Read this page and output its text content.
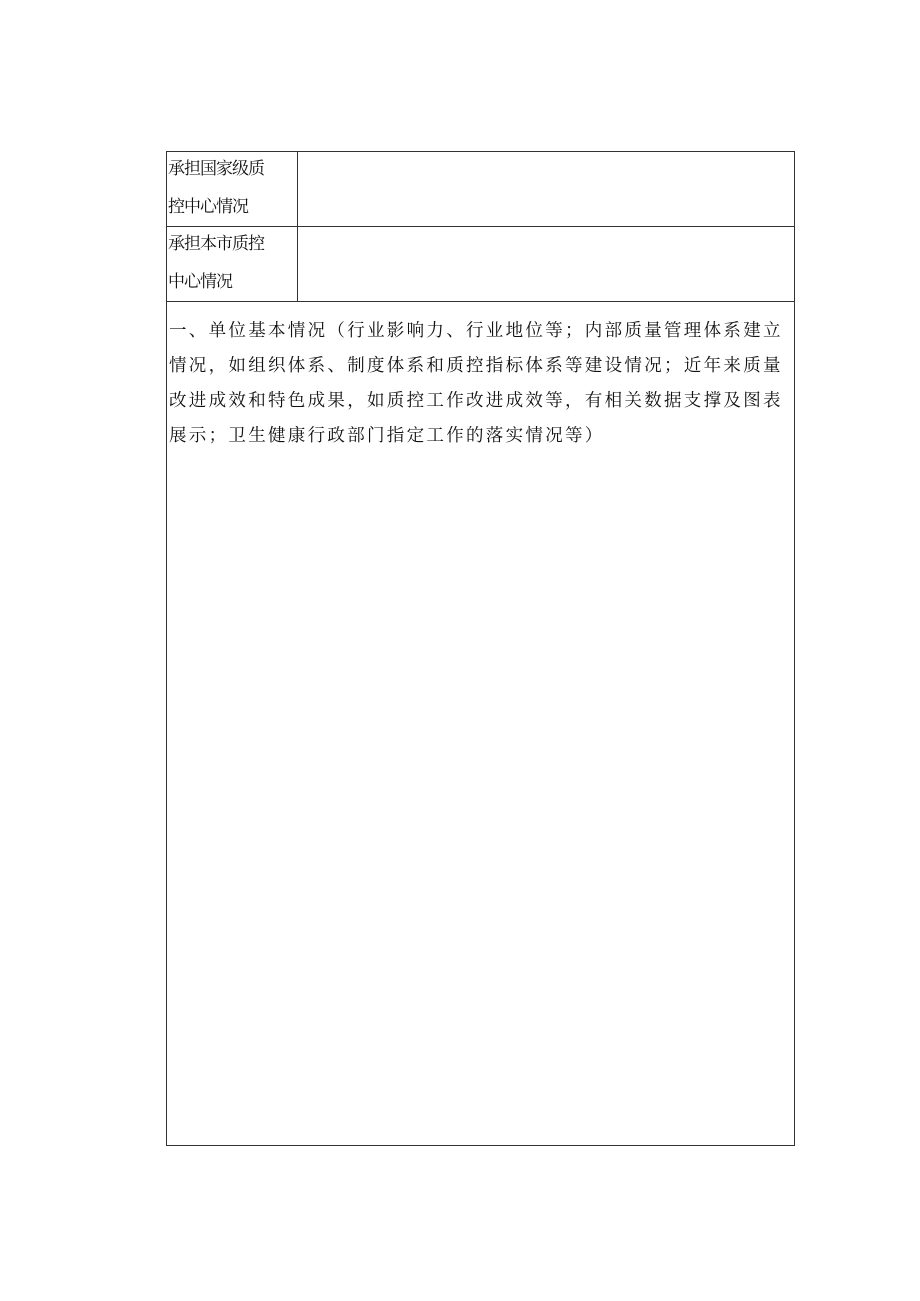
承担国家级质
控中心情况	

承担本市质控
中心情况	

一、单位基本情况（行业影响力、行业地位等；内部质量管理体系建立情况，如组织体系、制度体系和质控指标体系等建设情况；近年来质量改进成效和特色成果，如质控工作改进成效等，有相关数据支撑及图表展示；卫生健康行政部门指定工作的落实情况等）	
